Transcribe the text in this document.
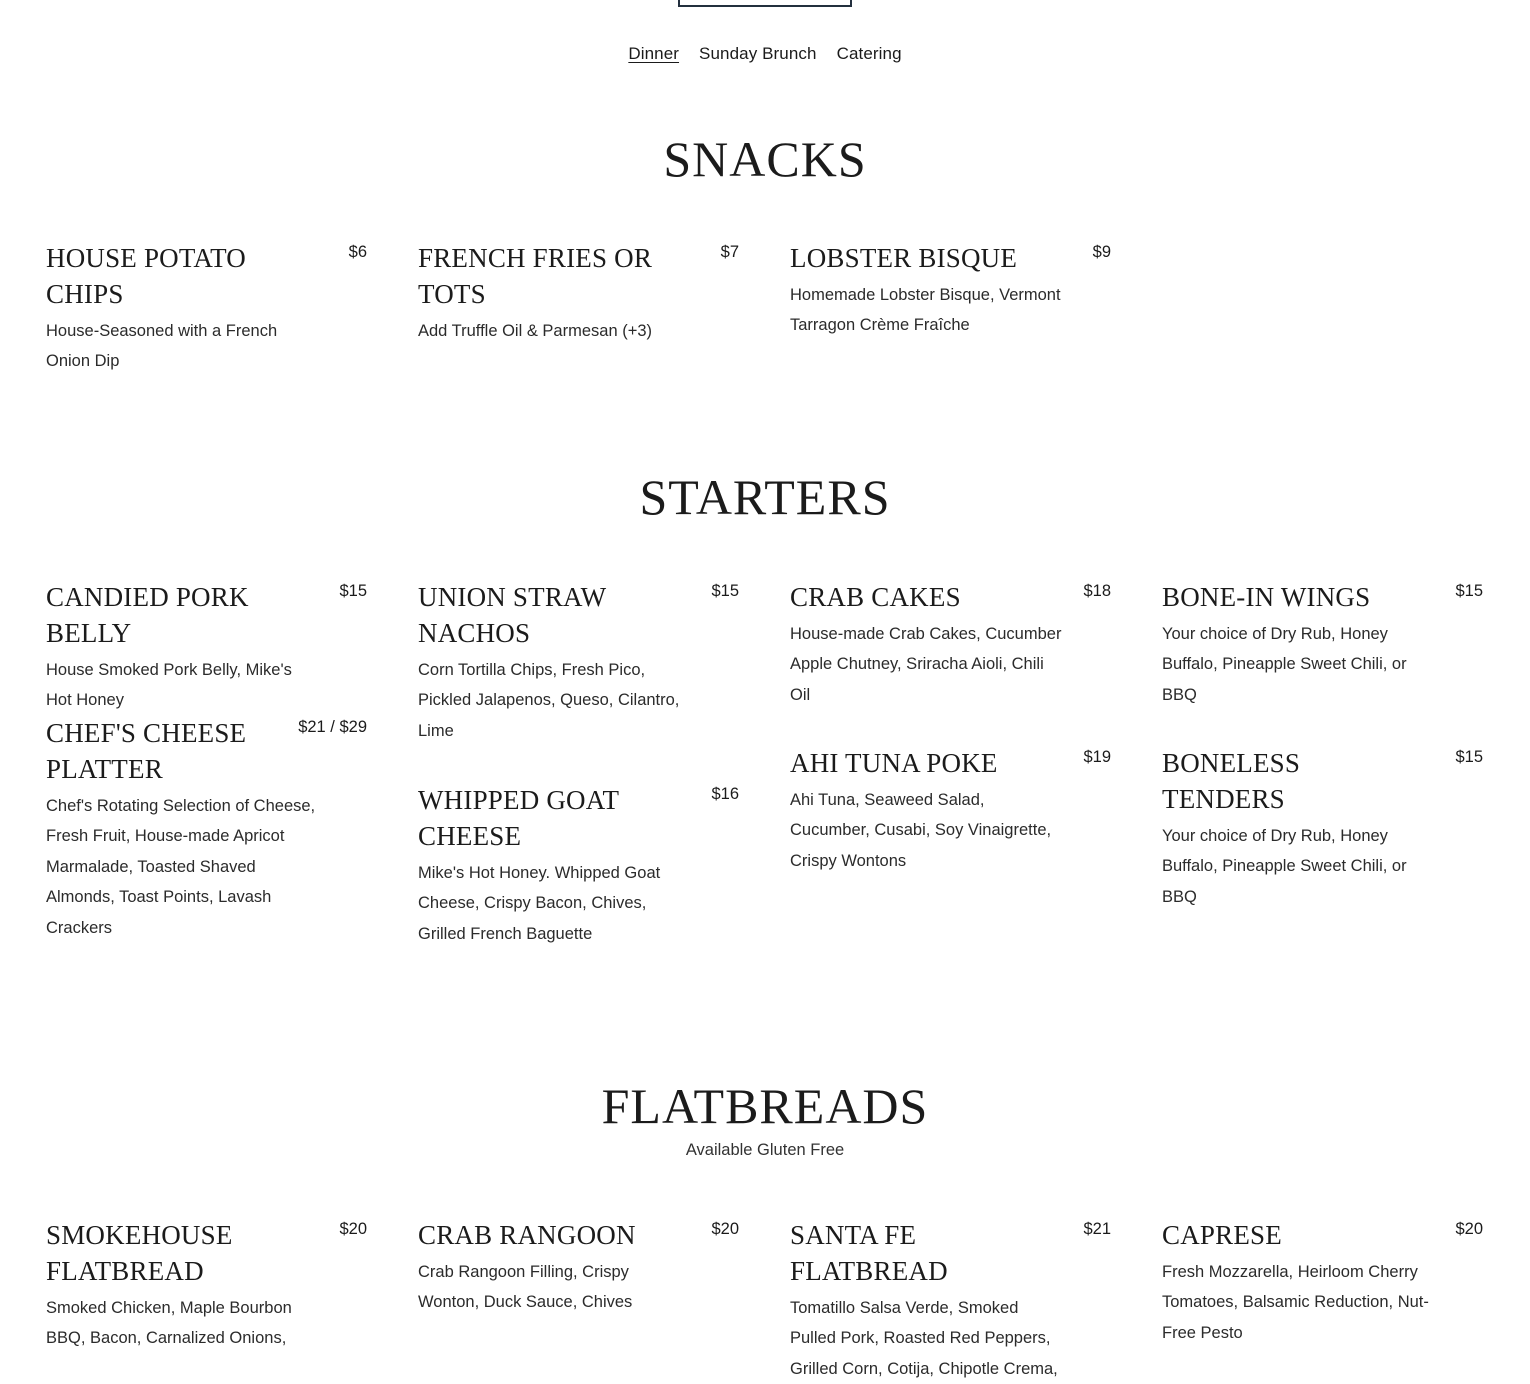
Dinner Sunday Brunch Catering
SNACKS
HOUSE POTATO CHIPS
$6
House-Seasoned with a French Onion Dip
FRENCH FRIES OR TOTS
$7
Add Truffle Oil & Parmesan (+3)
LOBSTER BISQUE	$9
Homemade Lobster Bisque, Vermont Tarragon Crème Fraîche
STARTERS
CANDIED PORK BELLY
$15
House Smoked Pork Belly, Mike's Hot Honey
UNION STRAW NACHOS
$15
Corn Tortilla Chips, Fresh Pico, Pickled Jalapenos, Queso, Cilantro, Lime
CRAB CAKES	$18
House-made Crab Cakes, Cucumber Apple Chutney, Sriracha Aioli, Chili Oil
BONE-IN WINGS	$15
Your choice of Dry Rub, Honey Buffalo, Pineapple Sweet Chili, or BBQ
CHEF'S CHEESE PLATTER
$21 / $29
Chef's Rotating Selection of Cheese, Fresh Fruit, House-made Apricot Marmalade, Toasted Shaved Almonds, Toast Points, Lavash Crackers
WHIPPED GOAT CHEESE
$16
Mike's Hot Honey. Whipped Goat Cheese, Crispy Bacon, Chives, Grilled French Baguette
AHI TUNA POKE	$19
Ahi Tuna, Seaweed Salad, Cucumber, Cusabi, Soy Vinaigrette, Crispy Wontons
BONELESS TENDERS
$15
Your choice of Dry Rub, Honey Buffalo, Pineapple Sweet Chili, or BBQ
FLATBREADS
Available Gluten Free
SMOKEHOUSE FLATBREAD
$20
Smoked Chicken, Maple Bourbon BBQ, Bacon, Carnalized Onions,
CRAB RANGOON	$20
Crab Rangoon Filling, Crispy Wonton, Duck Sauce, Chives
SANTA FE FLATBREAD
$21
Tomatillo Salsa Verde, Smoked Pulled Pork, Roasted Red Peppers, Grilled Corn, Cotija, Chipotle Crema,
CAPRESE	$20
Fresh Mozzarella, Heirloom Cherry Tomatoes, Balsamic Reduction, Nut-Free Pesto
